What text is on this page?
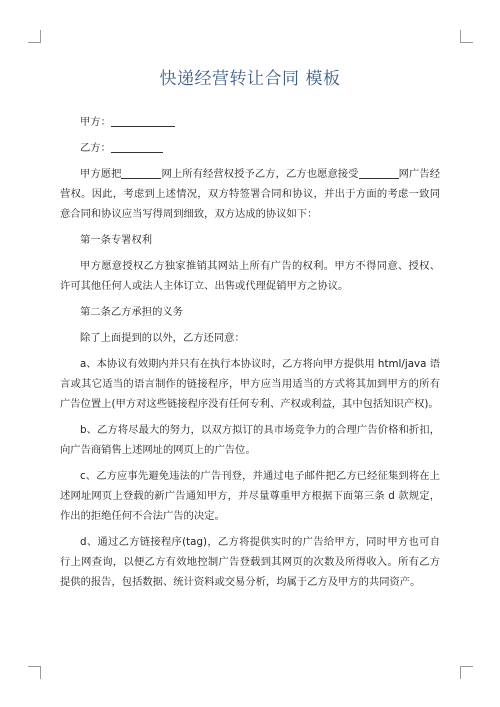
快递经营转让合同 模板

甲方：

乙方：

甲方愿把	网上所有经营权授予乙方，乙方也愿意接受	网广告经营权。因此，考虑到上述情况，双方特签署合同和协议，并出于方面的考虑一致同意合同和协议应当写得周到细致，双方达成的协议如下：

第一条专署权利

甲方愿意授权乙方独家推销其网站上所有广告的权利。甲方不得同意、授权、许可其他任何人或法人主体订立、出售或代理促销甲方之协议。

第二条乙方承担的义务

除了上面提到的以外，乙方还同意：

a、本协议有效期内并只有在执行本协议时，乙方将向甲方提供用 html/java 语言或其它适当的语言制作的链接程序，甲方应当用适当的方式将其加到甲方的所有广告位置上(甲方对这些链接程序没有任何专利、产权或利益，其中包括知识产权)。

b、乙方将尽最大的努力，以双方拟订的具市场竞争力的合理广告价格和折扣，向广告商销售上述网址的网页上的广告位。

c、乙方应事先避免违法的广告刊登，并通过电子邮件把乙方已经征集到将在上述网址网页上登载的新广告通知甲方，并尽量尊重甲方根据下面第三条 d 款规定，作出的拒绝任何不合法广告的决定。

d、通过乙方链接程序(tag)，乙方将提供实时的广告给甲方，同时甲方也可自行上网查询，以便乙方有效地控制广告登载到其网页的次数及所得收入。所有乙方提供的报告，包括数据、统计资料或交易分析，均属于乙方及甲方的共同资产。
